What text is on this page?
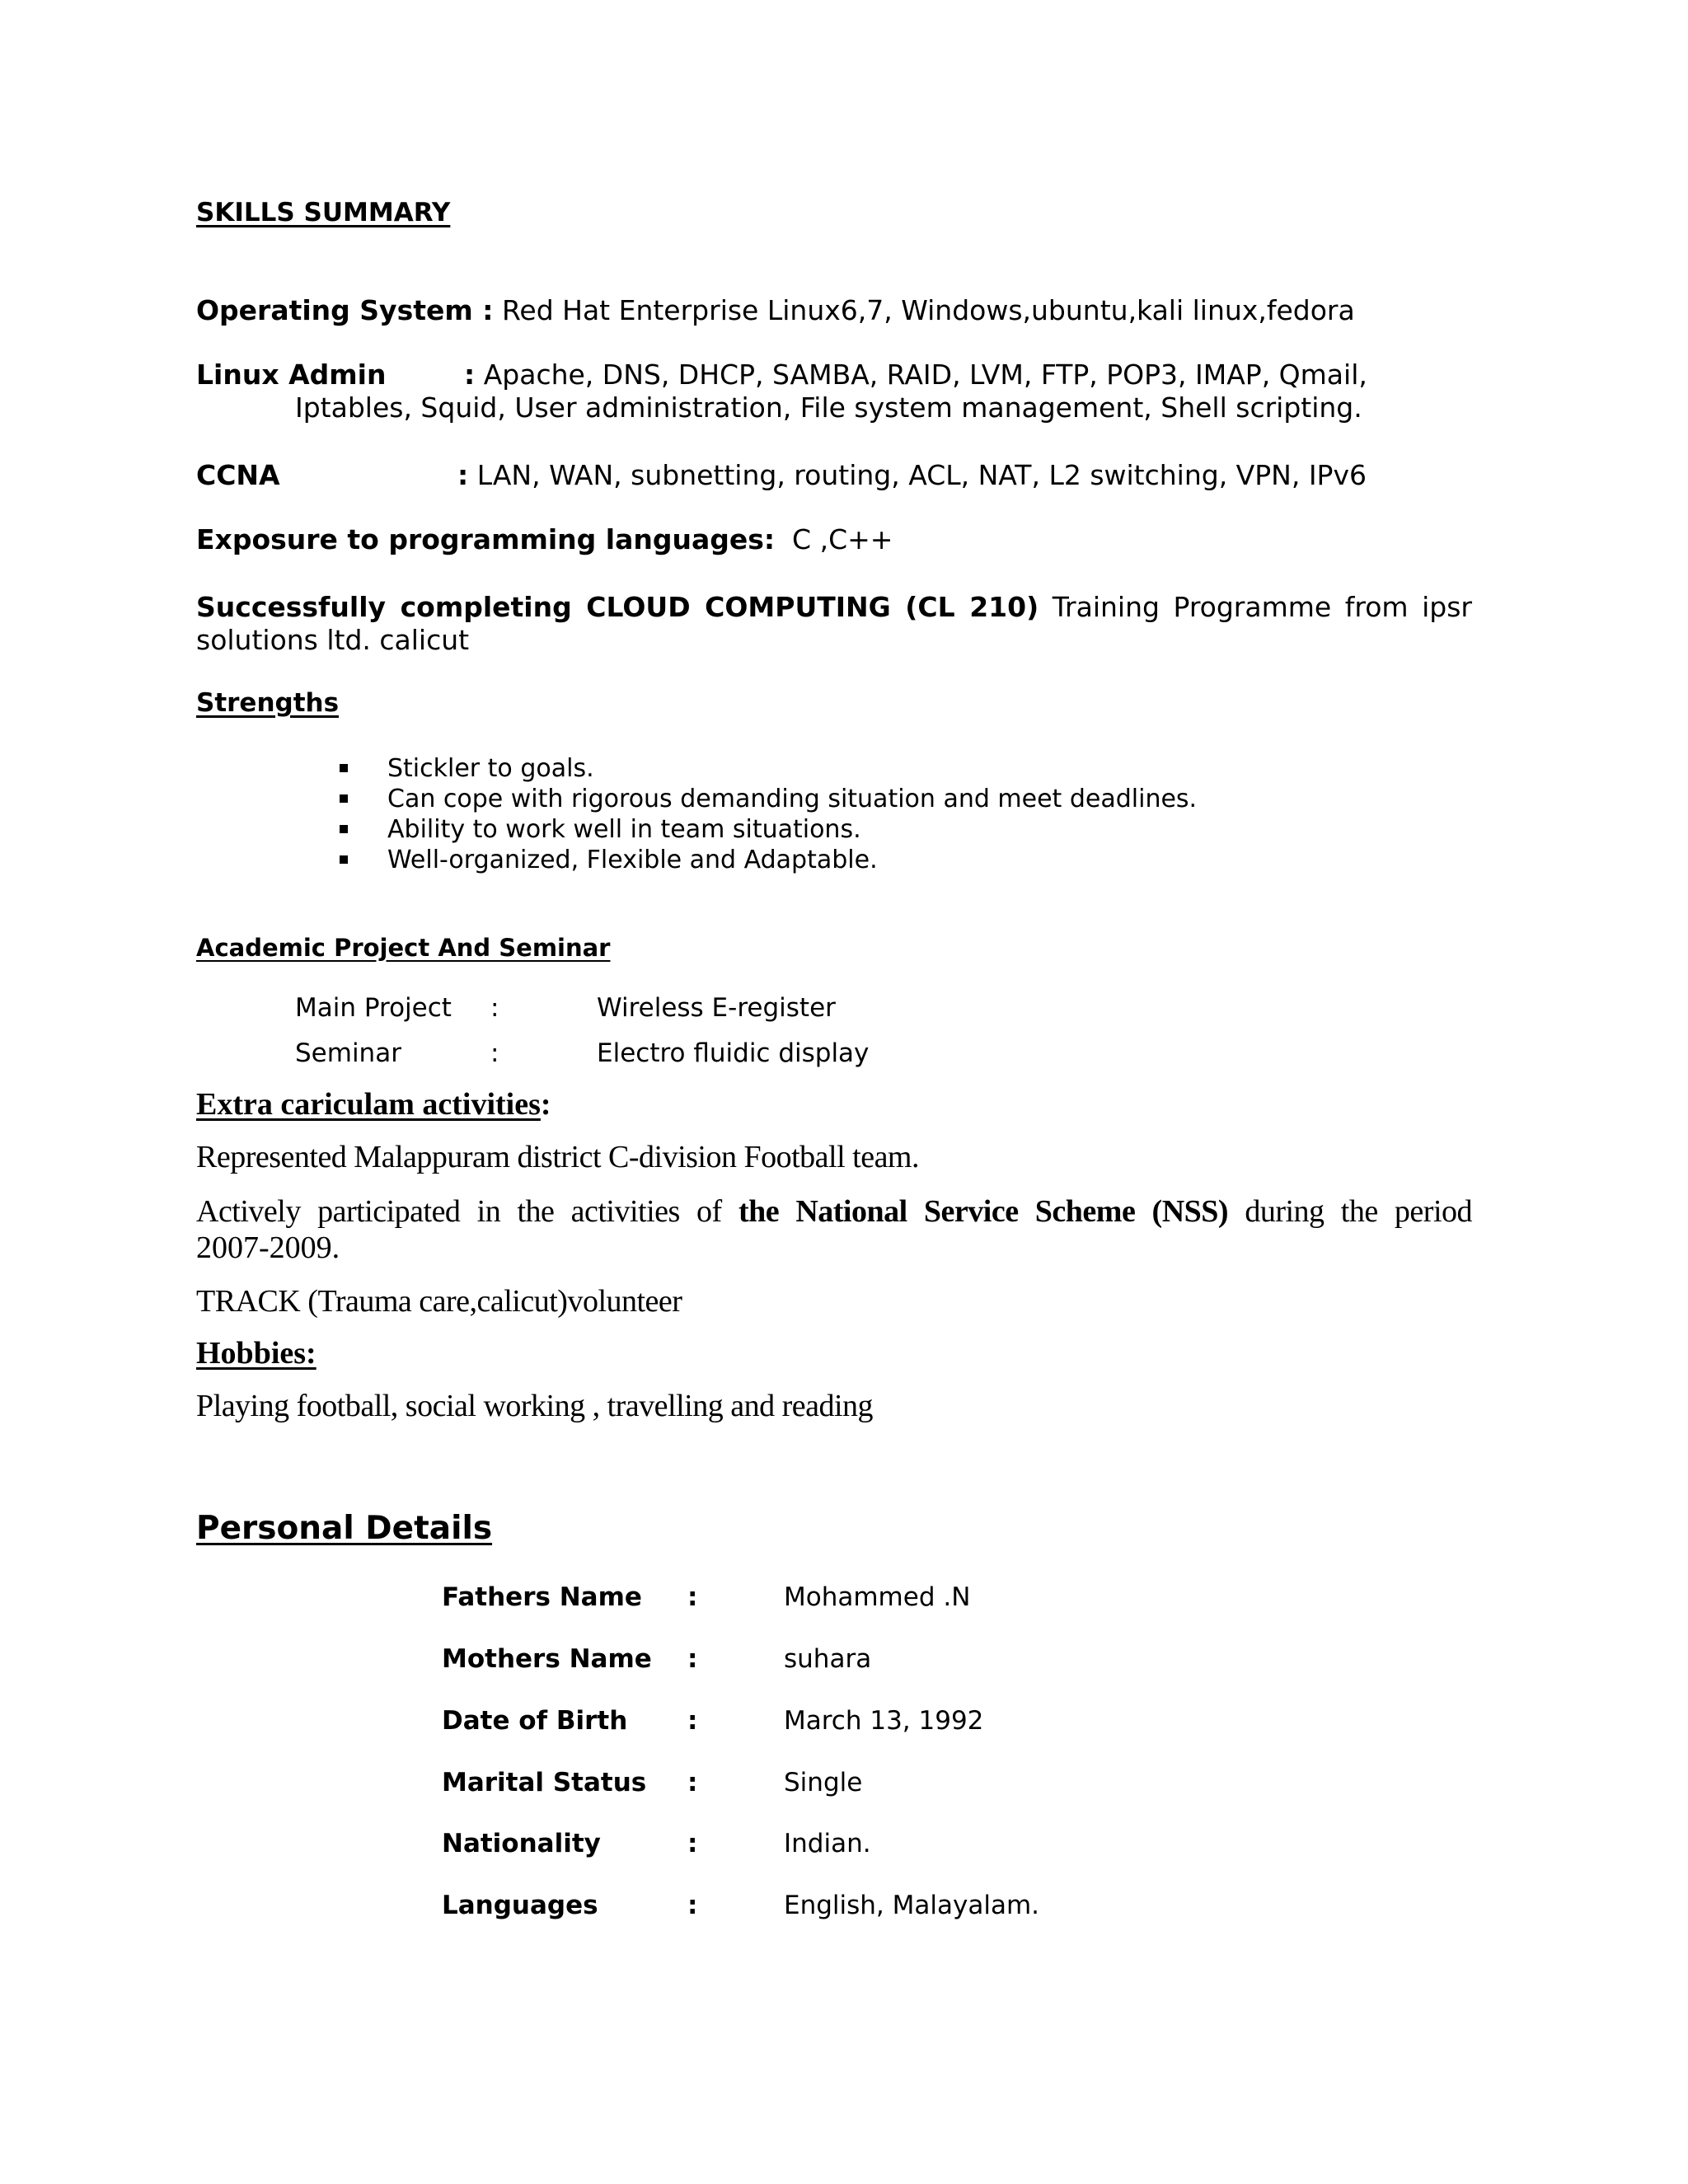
SKILLS SUMMARY
Operating System : Red Hat Enterprise Linux6,7, Windows,ubuntu,kali linux,fedora
Linux Admin	: Apache, DNS, DHCP, SAMBA, RAID, LVM, FTP, POP3, IMAP, Qmail,
Iptables, Squid, User administration, File system management, Shell scripting.
CCNA	: LAN, WAN, subnetting, routing, ACL, NAT, L2 switching, VPN, IPv6
Exposure to programming languages: C ,C++
Successfully completing CLOUD COMPUTING (CL 210) Training Programme from ipsr
solutions ltd. calicut
Strengths
Stickler to goals.
Can cope with rigorous demanding situation and meet deadlines.
Ability to work well in team situations.
Well-organized, Flexible and Adaptable.
Academic Project And Seminar
Main Project :	Wireless E-register
Seminar	:	Electro fluidic display
Extra cariculam activities:
Represented Malappuram district C-division Football team.
Actively participated in the activities of the National Service Scheme (NSS) during the period
2007-2009.
TRACK (Trauma care,calicut)volunteer
Hobbies:
Playing football, social working , travelling and reading
Personal Details
Fathers Name :	Mohammed .N
Mothers Name :	suhara
Date of Birth :	March 13, 1992
Marital Status :	Single
Nationality	:	Indian.
Languages	:	English, Malayalam.
